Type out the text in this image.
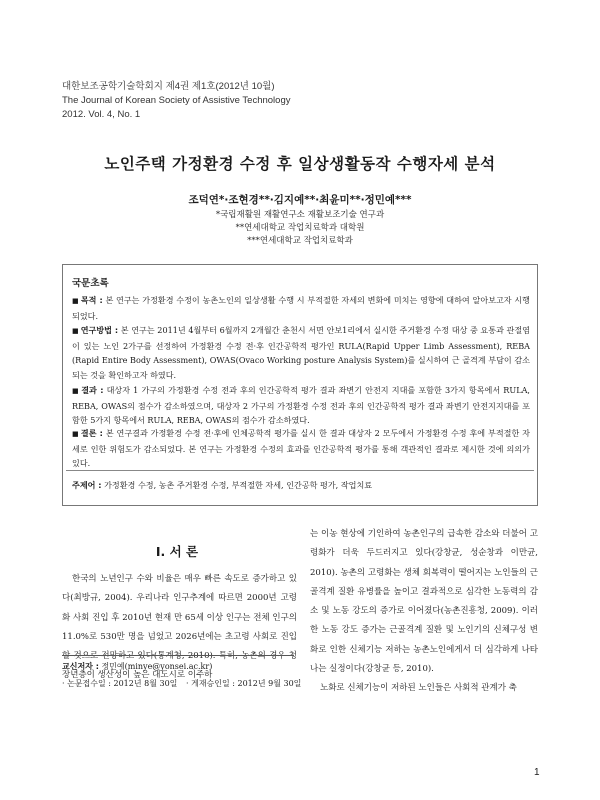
대한보조공학기술학회지 제4권 제1호(2012년 10월)
The Journal of Korean Society of Assistive Technology
2012. Vol. 4, No. 1
노인주택 가정환경 수정 후 일상생활동작 수행자세 분석
조덕연*·조현경**·김지예**·최윤미**·정민예***
*국립재활원 재활연구소 재활보조기술 연구과
**연세대학교 작업치료학과 대학원
***연세대학교 작업치료학과
국문초록
■ 목적 : 본 연구는 가정환경 수정이 농촌노인의 일상생활 수행 시 부적절한 자세의 변화에 미치는 영향에 대하여 알아보고자 시행되었다.
■ 연구방법 : 본 연구는 2011년 4월부터 6월까지 2개월간 춘천시 서면 안보1리에서 실시한 주거환경 수정 대상 중 요통과 관절염이 있는 노인 2가구를 선정하여 가정환경 수정 전·후 인간공학적 평가인 RULA(Rapid Upper Limb Assessment), REBA (Rapid Entire Body Assessment), OWAS(Ovaco Working posture Analysis System)를 실시하여 근 골격계 부담이 감소되는 것을 확인하고자 하였다.
■ 결과 : 대상자 1 가구의 가정환경 수정 전과 후의 인간공학적 평가 결과 좌변기 안전지 지대를 포함한 3가지 항목에서 RULA, REBA, OWAS의 점수가 감소하였으며, 대상자 2 가구의 가정환경 수정 전과 후의 인간공학적 평가 결과 좌변기 안전지지대를 포함한 5가지 항목에서 RULA, REBA, OWAS의 점수가 감소하였다.
■ 결론 : 본 연구결과 가정환경 수정 전·후에 인체공학적 평가를 실시 한 결과 대상자 2 모두에서 가정환경 수정 후에 부적절한 자세로 인한 위험도가 감소되었다. 본 연구는 가정환경 수정의 효과를 인간공학적 평가를 통해 객관적인 결과로 제시한 것에 의의가 있다.
주제어 : 가정환경 수정, 농촌 주거환경 수정, 부적절한 자세, 인간공학 평가, 작업치료
I. 서 론

한국의 노년인구 수와 비율은 매우 빠른 속도로 증가하고 있다(최방규, 2004). 우리나라 인구추계에 따르면 2000년 고령화 사회 진입 후 2010년 현재 만 65세 이상 인구는 전체 인구의 11.0%로 530만 명을 넘었고 2026년에는 초고령 사회로 진입할 것으로 전망하고 있다(통계청, 2010). 특히, 농촌의 경우 청장년층이 생산성이 높은 대도시로 이주하

는 이농 현상에 기인하여 농촌인구의 급속한 감소와 더불어 고령화가 더욱 두드러지고 있다(강창균, 성순창과 이만균, 2010). 농촌의 고령화는 생체 회복력이 떨어지는 노인들의 근골격계 질환 유병률을 높이고 결과적으로 심각한 노동력의 감소 및 노동 강도의 증가로 이어졌다(농촌진흥청, 2009). 이러한 노동 강도 증가는 근골격계 질환 및 노인기의 신체구성 변화로 인한 신체기능 저하는 농촌노인에게서 더 심각하게 나타나는 실정이다(강창균 등, 2010).

노화로 신체기능이 저하된 노인들은 사회적 관계가 축

교신저자 : 정민예(minye@yonsei.ac.kr)
· 논문접수일 : 2012년 8월 30일 · 게재승인일 : 2012년 9월 30일
1
